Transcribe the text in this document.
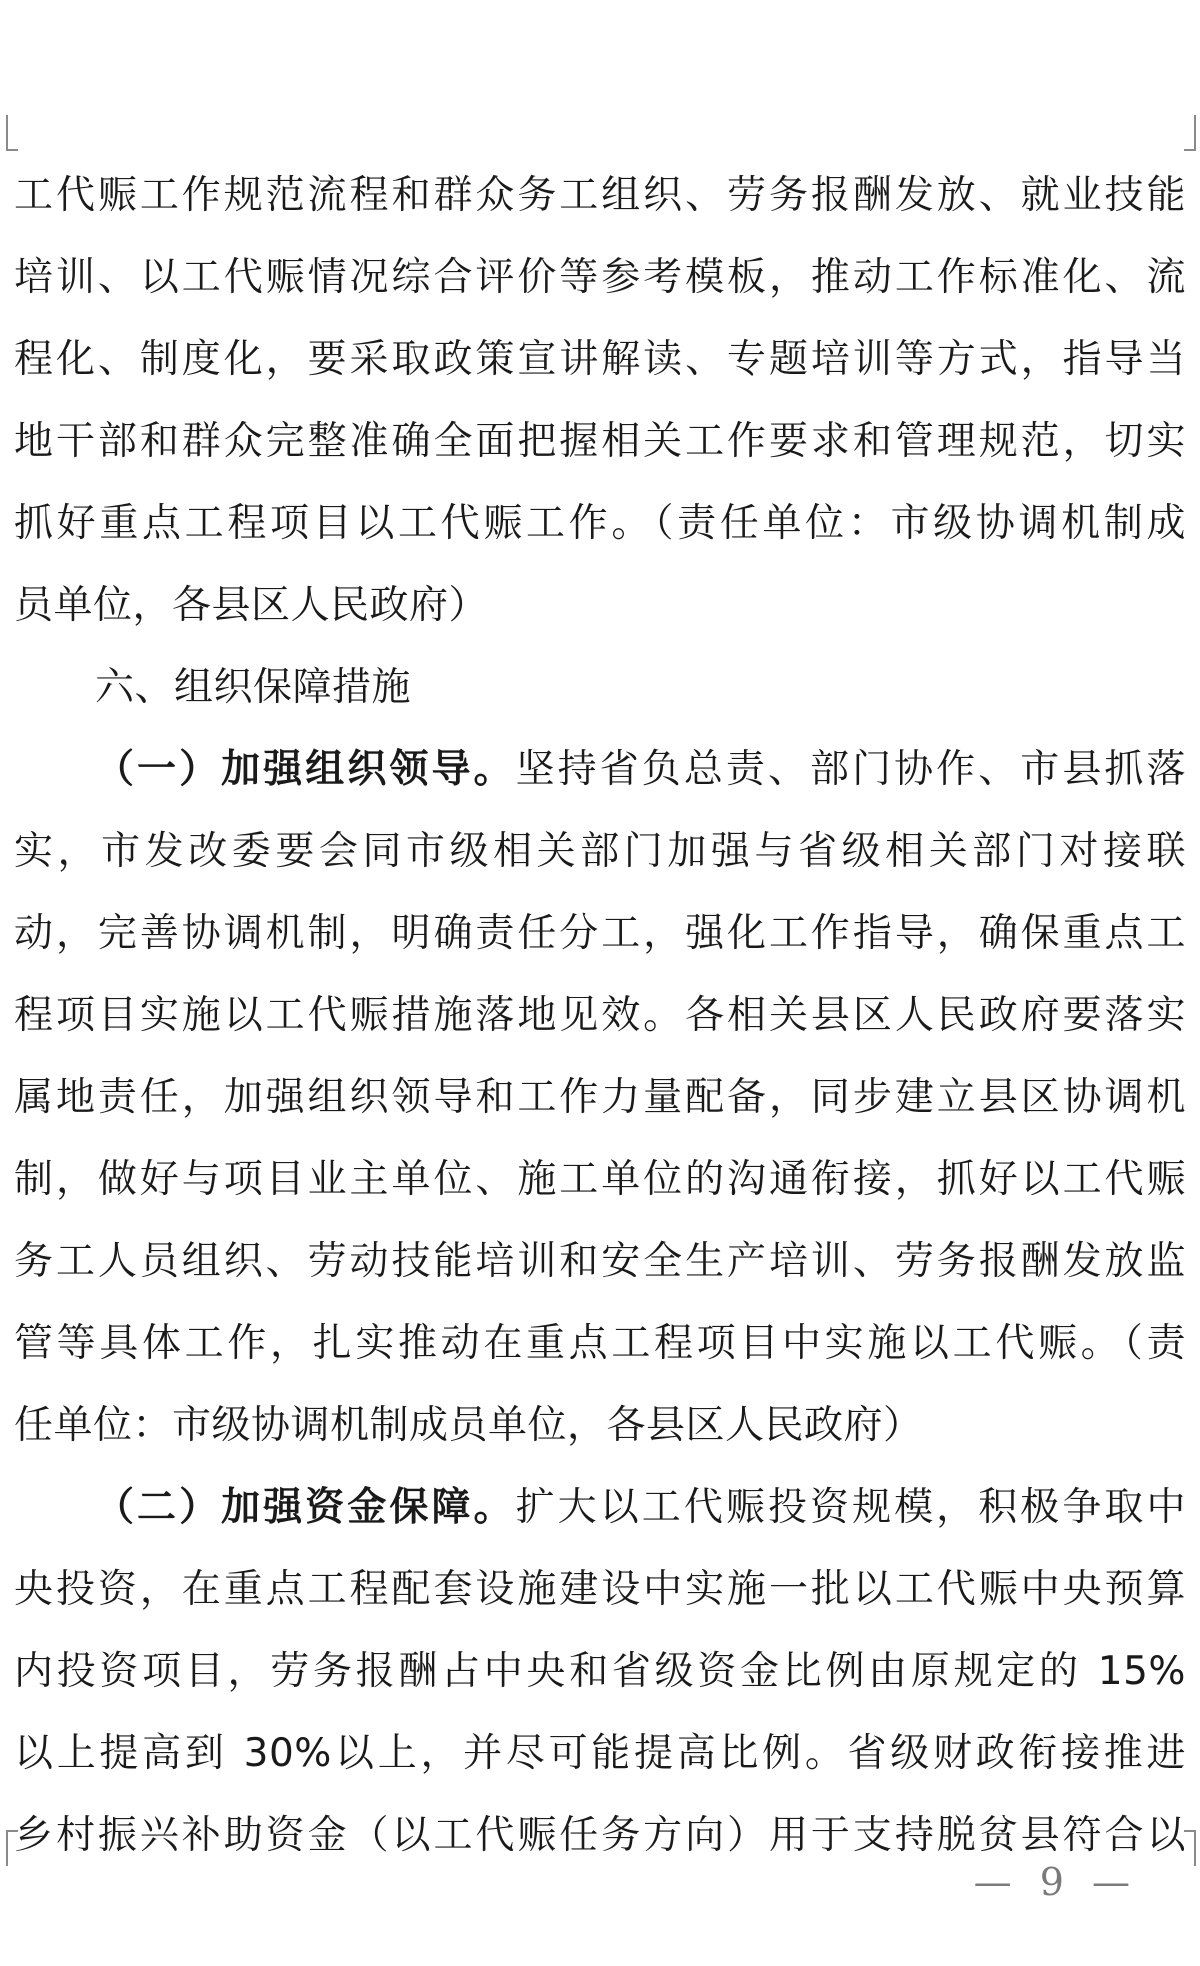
工代赈工作规范流程和群众务工组织、劳务报酬发放、就业技能
培训、以工代赈情况综合评价等参考模板，推动工作标准化、流
程化、制度化，要采取政策宣讲解读、专题培训等方式，指导当
地干部和群众完整准确全面把握相关工作要求和管理规范，切实
抓好重点工程项目以工代赈工作。（责任单位：市级协调机制成
员单位，各县区人民政府）
六、组织保障措施
（一）加强组织领导。坚持省负总责、部门协作、市县抓落
实，市发改委要会同市级相关部门加强与省级相关部门对接联
动，完善协调机制，明确责任分工，强化工作指导，确保重点工
程项目实施以工代赈措施落地见效。各相关县区人民政府要落实
属地责任，加强组织领导和工作力量配备，同步建立县区协调机
制，做好与项目业主单位、施工单位的沟通衔接，抓好以工代赈
务工人员组织、劳动技能培训和安全生产培训、劳务报酬发放监
管等具体工作，扎实推动在重点工程项目中实施以工代赈。（责
任单位：市级协调机制成员单位，各县区人民政府）
（二）加强资金保障。扩大以工代赈投资规模，积极争取中
央投资，在重点工程配套设施建设中实施一批以工代赈中央预算
内投资项目，劳务报酬占中央和省级资金比例由原规定的 15%
以上提高到 30%以上，并尽可能提高比例。省级财政衔接推进
乡村振兴补助资金（以工代赈任务方向）用于支持脱贫县符合以
— 9 —
